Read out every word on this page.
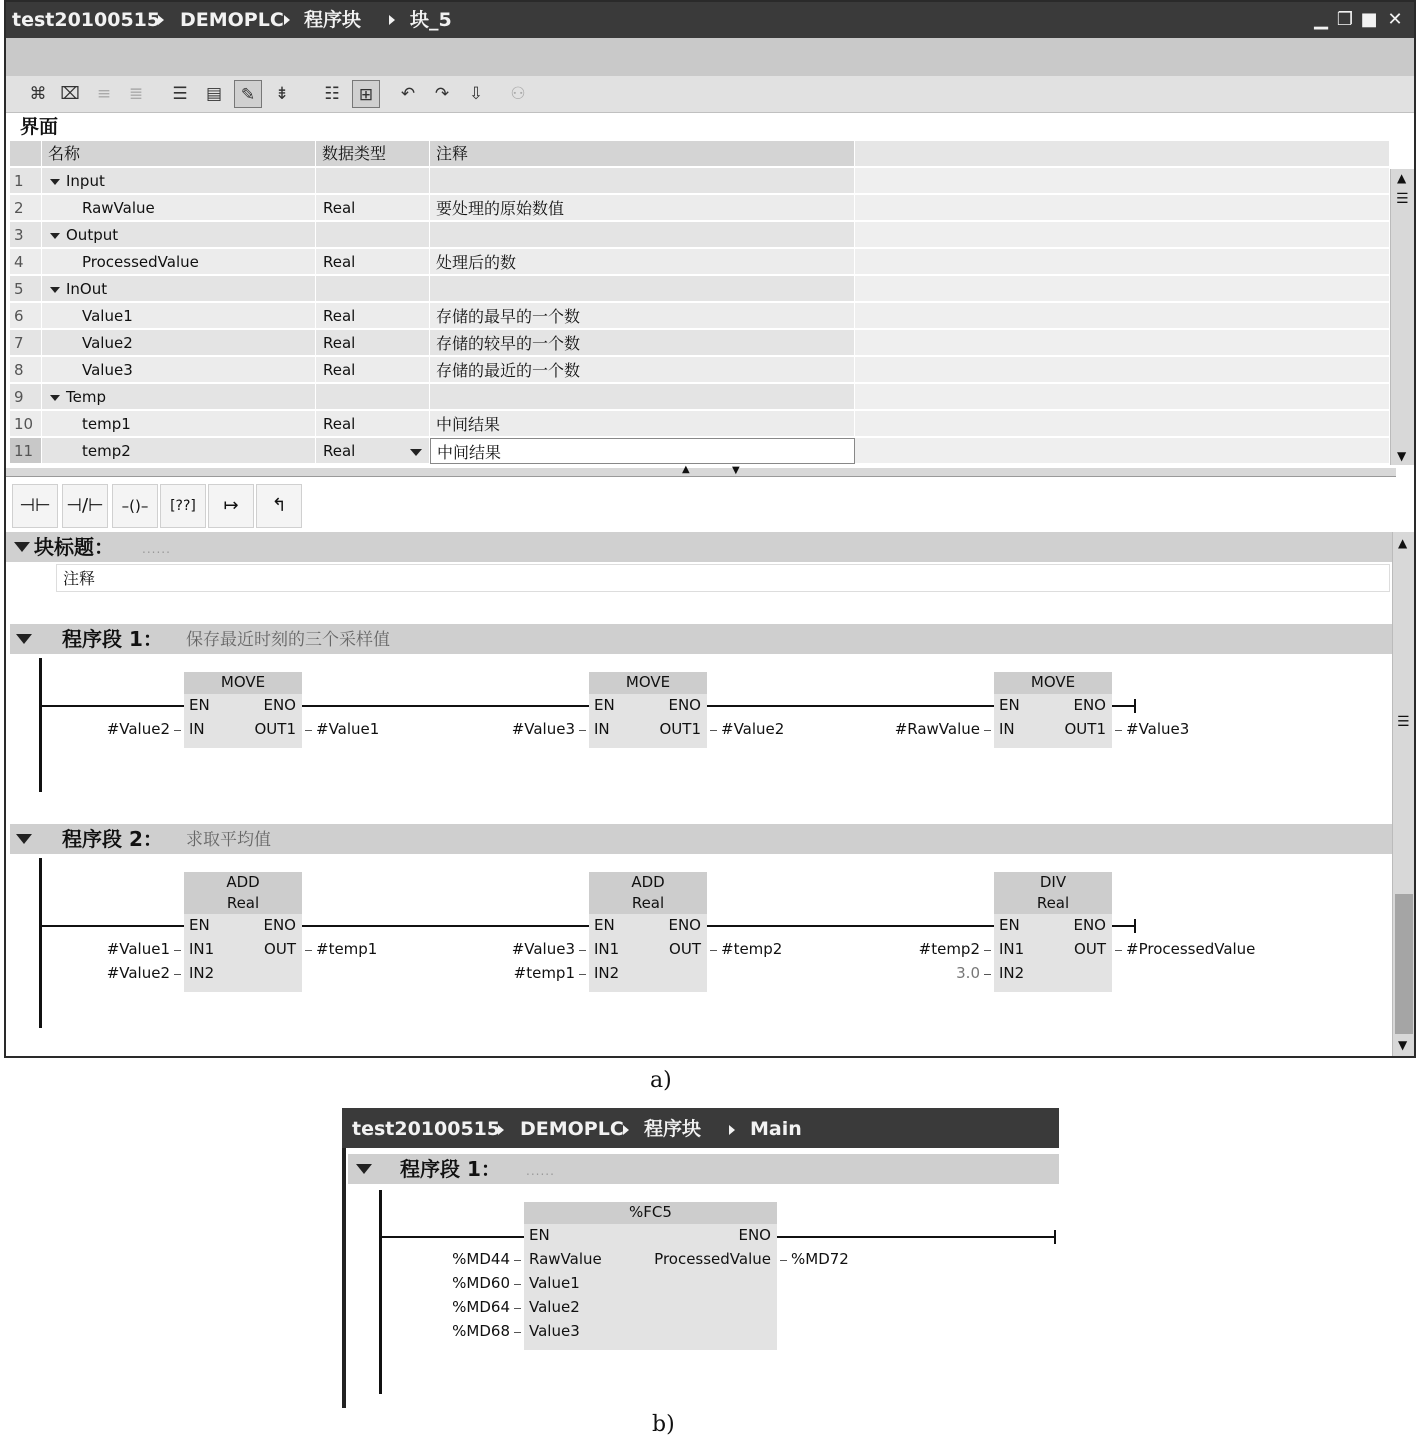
test20100515 DEMOPLC 程序块	块_5	▁ ❐ ■ ✕
⌘ ⌧	≡	≣	☰	▤	✎	⇟	☷	⊞	↶	↷	⇩	⚇
界面
名称	数据类型	注释
1	Input
2	RawValue	Real	要处理的原始数值
3	Output
4	ProcessedValue	Real	处理后的数
5	InOut
6	Value1	Real	存储的最早的一个数
7	Value2	Real	存储的较早的一个数
8	Value3	Real	存储的最近的一个数
9	Temp
10	temp1	Real	中间结果
11	temp2	Real	中间结果
▲
☰
▼
▲	▼
⊣⊢ ⊣/⊢	–()–	[??]	↦	↰
块标题： ......
注释
程序段 1： 保存最近时刻的三个采样值
MOVE
EN
IN
#Value2
ENO
OUT1 #Value1
MOVE
EN
IN
#Value3
ENO
OUT1 #Value2
MOVE
EN
IN
#RawValue
ENO
OUT1 #Value3
程序段 2： 求取平均值
ADD
Real
EN
IN1
#Value1
IN2
#Value2
ENO
OUT #temp1
ADD
Real
EN
IN1
#Value3
IN2
#temp1
ENO
OUT #temp2
DIV
Real
EN
IN1
#temp2
IN2
3.0
ENO
OUT #ProcessedValue
▲
☰
▼
a)
test20100515 DEMOPLC 程序块	Main
程序段 1： ......
%FC5
EN
RawValue
%MD44
Value1
%MD60
Value2
%MD64
Value3
%MD68
ENO
ProcessedValue %MD72
b)
